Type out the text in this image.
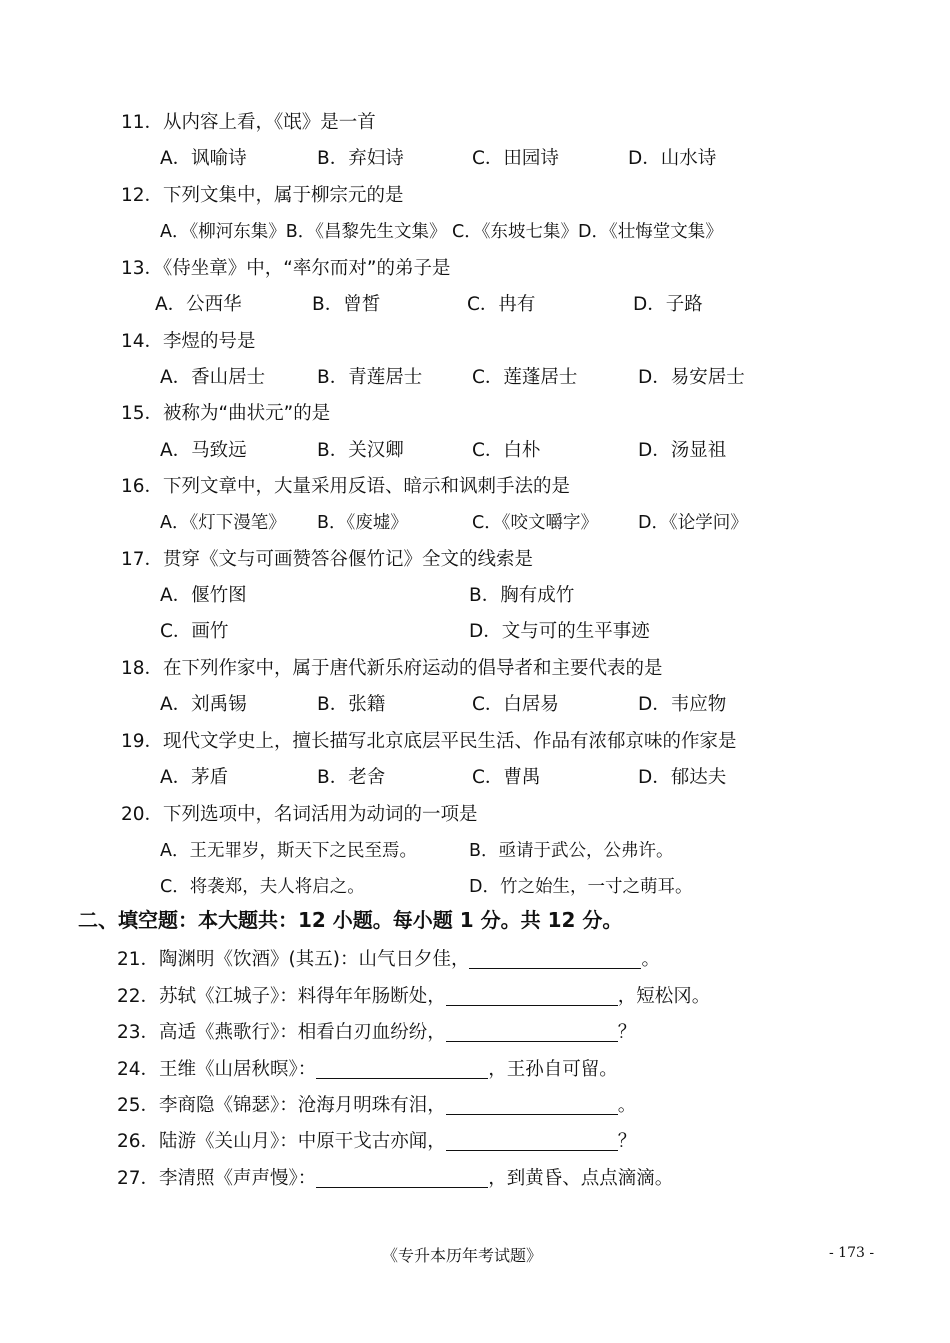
11．从内容上看，《氓》是一首
A．讽喻诗	B．弃妇诗	C．田园诗	D．山水诗
12．下列文集中，属于柳宗元的是
A．《柳河东集》B．《昌黎先生文集》 C．《东坡七集》D．《壮悔堂文集》
13．《侍坐章》中，“率尔而对”的弟子是
A．公西华	B．曾皙	C．冉有	D．子路
14．李煜的号是
A．香山居士	B．青莲居士	C．莲蓬居士	D．易安居士
15．被称为“曲状元”的是
A．马致远	B．关汉卿	C．白朴	D．汤显祖
16．下列文章中，大量采用反语、暗示和讽刺手法的是
A．《灯下漫笔》 B．《废墟》	C．《咬文嚼字》 D．《论学问》
17．贯穿《文与可画赞答谷偃竹记》全文的线索是
A．偃竹图	B．胸有成竹
C．画竹	D．文与可的生平事迹
18．在下列作家中，属于唐代新乐府运动的倡导者和主要代表的是
A．刘禹锡	B．张籍	C．白居易	D．韦应物
19．现代文学史上，擅长描写北京底层平民生活、作品有浓郁京味的作家是
A．茅盾	B．老舍	C．曹禺	D．郁达夫
20．下列选项中，名词活用为动词的一项是
A．王无罪岁，斯天下之民至焉。	B．亟请于武公，公弗许。
C．将袭郑，夫人将启之。	D．竹之始生，一寸之萌耳。
二、填空题：本大题共：12 小题。每小题 1 分。共 12 分。
21．陶渊明《饮酒》(其五)：山气日夕佳，	。
22．苏轼《江城子》：料得年年肠断处，	，短松冈。
23．高适《燕歌行》：相看白刃血纷纷，	？
24．王维《山居秋暝》：	，王孙自可留。
25．李商隐《锦瑟》：沧海月明珠有泪，	。
26．陆游《关山月》：中原干戈古亦闻，	？
27．李清照《声声慢》：	，到黄昏、点点滴滴。
《专升本历年考试题》	- 173 -
